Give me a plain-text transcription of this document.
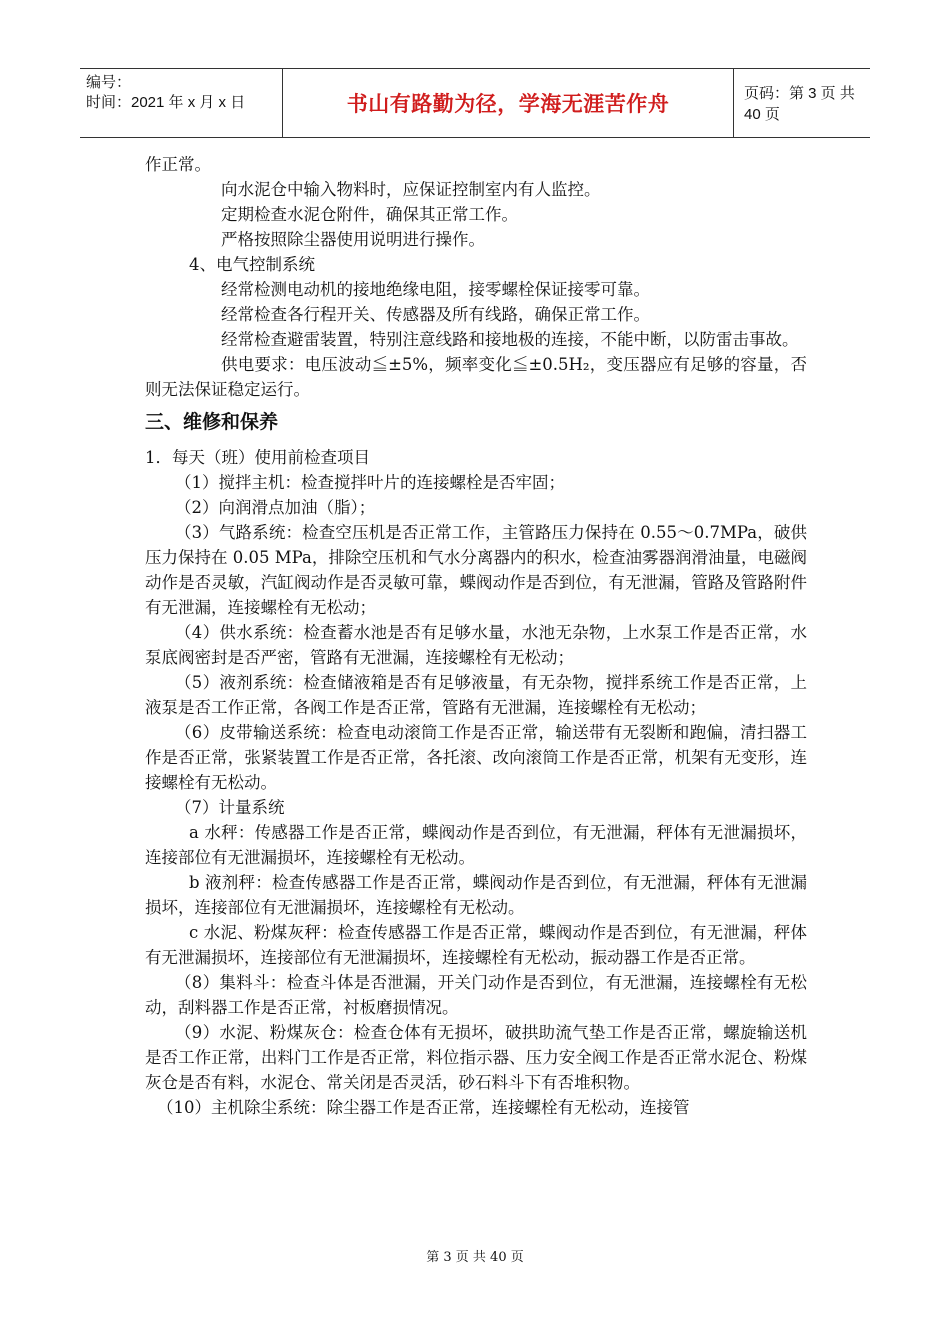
编号：
时间：2021 年 x 月 x 日	书山有路勤为径，学海无涯苦作舟	页码：第 3 页 共 40 页

作正常。

向水泥仓中输入物料时，应保证控制室内有人监控。

定期检查水泥仓附件，确保其正常工作。

严格按照除尘器使用说明进行操作。

4、电气控制系统

经常检测电动机的接地绝缘电阻，接零螺栓保证接零可靠。

经常检查各行程开关、传感器及所有线路，确保正常工作。

经常检查避雷装置，特别注意线路和接地极的连接，不能中断，以防雷击事故。

供电要求：电压波动≦±5%，频率变化≦±0.5H₂，变压器应有足够的容量，否则无法保证稳定运行。

三、维修和保养

1．每天（班）使用前检查项目

（1）搅拌主机：检查搅拌叶片的连接螺栓是否牢固；

（2）向润滑点加油（脂）；

（3）气路系统：检查空压机是否正常工作，主管路压力保持在 0.55～0.7MPa，破供压力保持在 0.05 MPa，排除空压机和气水分离器内的积水，检查油雾器润滑油量，电磁阀动作是否灵敏，汽缸阀动作是否灵敏可靠，蝶阀动作是否到位，有无泄漏，管路及管路附件有无泄漏，连接螺栓有无松动；

（4）供水系统：检查蓄水池是否有足够水量，水池无杂物，上水泵工作是否正常，水泵底阀密封是否严密，管路有无泄漏，连接螺栓有无松动；

（5）液剂系统：检查储液箱是否有足够液量，有无杂物，搅拌系统工作是否正常，上液泵是否工作正常，各阀工作是否正常，管路有无泄漏，连接螺栓有无松动；

（6）皮带输送系统：检查电动滚筒工作是否正常，输送带有无裂断和跑偏，清扫器工作是否正常，张紧装置工作是否正常，各托滚、改向滚筒工作是否正常，机架有无变形，连接螺栓有无松动。

（7）计量系统

a 水秤：传感器工作是否正常，蝶阀动作是否到位，有无泄漏，秤体有无泄漏损坏，连接部位有无泄漏损坏，连接螺栓有无松动。

b 液剂秤：检查传感器工作是否正常，蝶阀动作是否到位，有无泄漏，秤体有无泄漏损坏，连接部位有无泄漏损坏，连接螺栓有无松动。

c 水泥、粉煤灰秤：检查传感器工作是否正常，蝶阀动作是否到位，有无泄漏，秤体有无泄漏损坏，连接部位有无泄漏损坏，连接螺栓有无松动，振动器工作是否正常。

（8）集料斗：检查斗体是否泄漏，开关门动作是否到位，有无泄漏，连接螺栓有无松动，刮料器工作是否正常，衬板磨损情况。

（9）水泥、粉煤灰仓：检查仓体有无损坏，破拱助流气垫工作是否正常，螺旋输送机是否工作正常，出料门工作是否正常，料位指示器、压力安全阀工作是否正常水泥仓、粉煤灰仓是否有料，水泥仓、常关闭是否灵活，砂石料斗下有否堆积物。

（10）主机除尘系统：除尘器工作是否正常，连接螺栓有无松动，连接管

第 3 页 共 40 页
